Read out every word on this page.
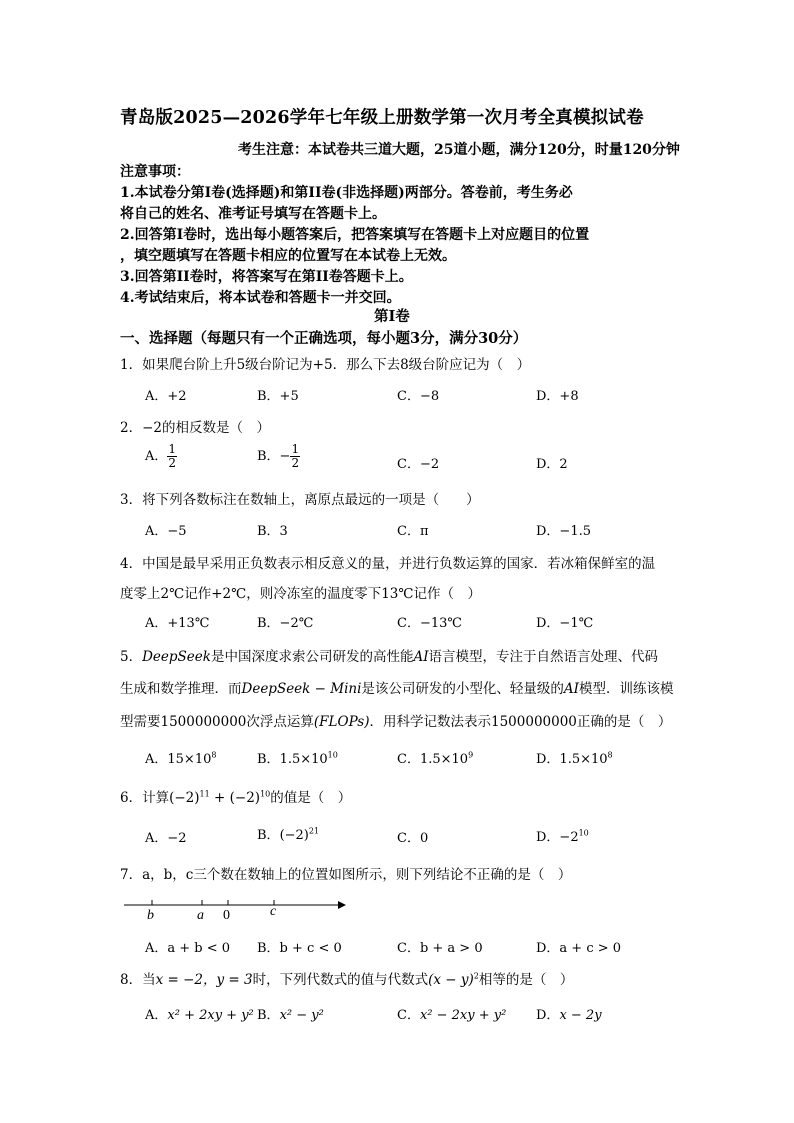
青岛版2025—2026学年七年级上册数学第一次月考全真模拟试卷
考生注意：本试卷共三道大题，25道小题，满分120分，时量120分钟
注意事项：
1.本试卷分第Ⅰ卷(选择题)和第II卷(非选择题)两部分。答卷前，考生务必
将自己的姓名、准考证号填写在答题卡上。
2.回答第Ⅰ卷时，选出每小题答案后，把答案填写在答题卡上对应题目的位置
，填空题填写在答题卡相应的位置写在本试卷上无效。
3.回答第II卷时，将答案写在第II卷答题卡上。
4.考试结束后，将本试卷和答题卡一并交回。
第Ⅰ卷
一、选择题（每题只有一个正确选项，每小题3分，满分30分）
1．如果爬台阶上升5级台阶记为+5．那么下去8级台阶应记为（　）
A．+2	B．+5	C．−8	D．+8
2．−2的相反数是（　）
A． $\frac{1}{2}$	B．− $\frac{1}{2}$	C．−2	D．2
3．将下列各数标注在数轴上，离原点最远的一项是（　　）
A．−5	B．3	C．π	D．−1.5
4．中国是最早采用正负数表示相反意义的量，并进行负数运算的国家．若冰箱保鲜室的温
度零上2℃记作+2℃，则冷冻室的温度零下13℃记作（　）
A．+13℃	B．−2℃	C．−13℃	D．−1℃
5．DeepSeek是中国深度求索公司研发的高性能AI语言模型，专注于自然语言处理、代码
生成和数学推理．而DeepSeek − Mini是该公司研发的小型化、轻量级的AI模型．训练该模
型需要1500000000次浮点运算(FLOPs)．用科学记数法表示1500000000正确的是（　）
A．$15\times 10^8$	B．$1.5\times 10^{10}$	C．$1.5\times 10^9$	D．$1.5\times 10^8$
6．计算$(-2)^{11} + (-2)^{10}$的值是（　）
A．−2	B．$(-2)^{21}$	C．0	D．$-2^{10}$
7．a，b，c三个数在数轴上的位置如图所示，则下列结论不正确的是（　）
b	a 0	c
A．a + b < 0 B．b + c < 0	C．b + a > 0	D．a + c > 0
8．当x = −2，y = 3时，下列代数式的值与代数式$(x - y)^2$相等的是（　）
A．x² + 2xy + y² B．x² − y²	C．x² − 2xy + y² D．x − 2y
